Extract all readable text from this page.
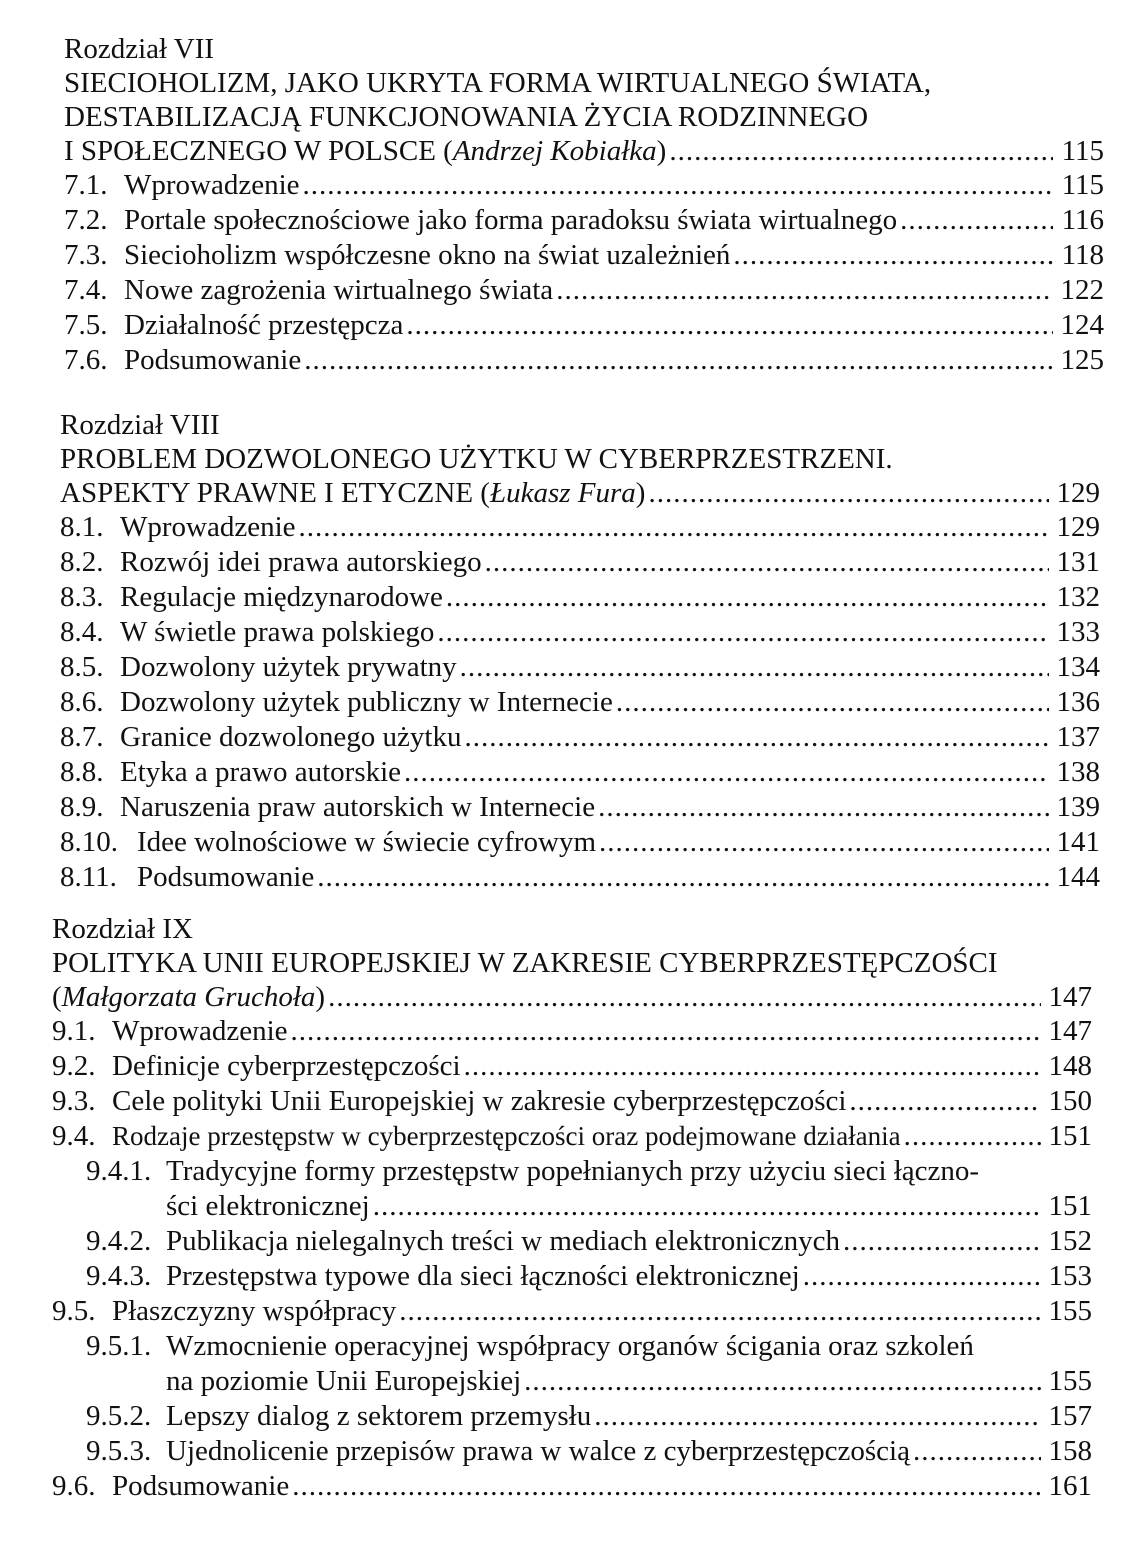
Rozdział VII
SIECIOHOLIZM, JAKO UKRYTA FORMA WIRTUALNEGO ŚWIATA,
DESTABILIZACJĄ FUNKCJONOWANIA ŻYCIA RODZINNEGO
I SPOŁECZNEGO W POLSCE (Andrzej Kobiałka) .....	115
7.1. Wprowadzenie .....	115
7.2. Portale społecznościowe jako forma paradoksu świata wirtualnego .....	116
7.3. Siecioholizm współczesne okno na świat uzależnień .....	118
7.4. Nowe zagrożenia wirtualnego świata .....	122
7.5. Działalność przestępcza .....	124
7.6. Podsumowanie .....	125
Rozdział VIII
PROBLEM DOZWOLONEGO UŻYTKU W CYBERPRZESTRZENI.
ASPEKTY PRAWNE I ETYCZNE (Łukasz Fura) .....	129
8.1. Wprowadzenie .....	129
8.2. Rozwój idei prawa autorskiego .....	131
8.3. Regulacje międzynarodowe .....	132
8.4. W świetle prawa polskiego .....	133
8.5. Dozwolony użytek prywatny .....	134
8.6. Dozwolony użytek publiczny w Internecie .....	136
8.7. Granice dozwolonego użytku .....	137
8.8. Etyka a prawo autorskie .....	138
8.9. Naruszenia praw autorskich w Internecie .....	139
8.10. Idee wolnościowe w świecie cyfrowym .....	141
8.11. Podsumowanie .....	144
Rozdział IX
POLITYKA UNII EUROPEJSKIEJ W ZAKRESIE CYBERPRZESTĘPCZOŚCI
(Małgorzata Gruchoła) .....	147
9.1. Wprowadzenie .....	147
9.2. Definicje cyberprzestępczości .....	148
9.3. Cele polityki Unii Europejskiej w zakresie cyberprzestępczości .....	150
9.4. Rodzaje przestępstw w cyberprzestępczości oraz podejmowane działania .....	151
9.4.1. Tradycyjne formy przestępstw popełnianych przy użyciu sieci łączno-
ści elektronicznej .....	151
9.4.2. Publikacja nielegalnych treści w mediach elektronicznych .....	152
9.4.3. Przestępstwa typowe dla sieci łączności elektronicznej .....	153
9.5. Płaszczyzny współpracy .....	155
9.5.1. Wzmocnienie operacyjnej współpracy organów ścigania oraz szkoleń
na poziomie Unii Europejskiej .....	155
9.5.2. Lepszy dialog z sektorem przemysłu .....	157
9.5.3. Ujednolicenie przepisów prawa w walce z cyberprzestępczością .....	158
9.6. Podsumowanie .....	161
